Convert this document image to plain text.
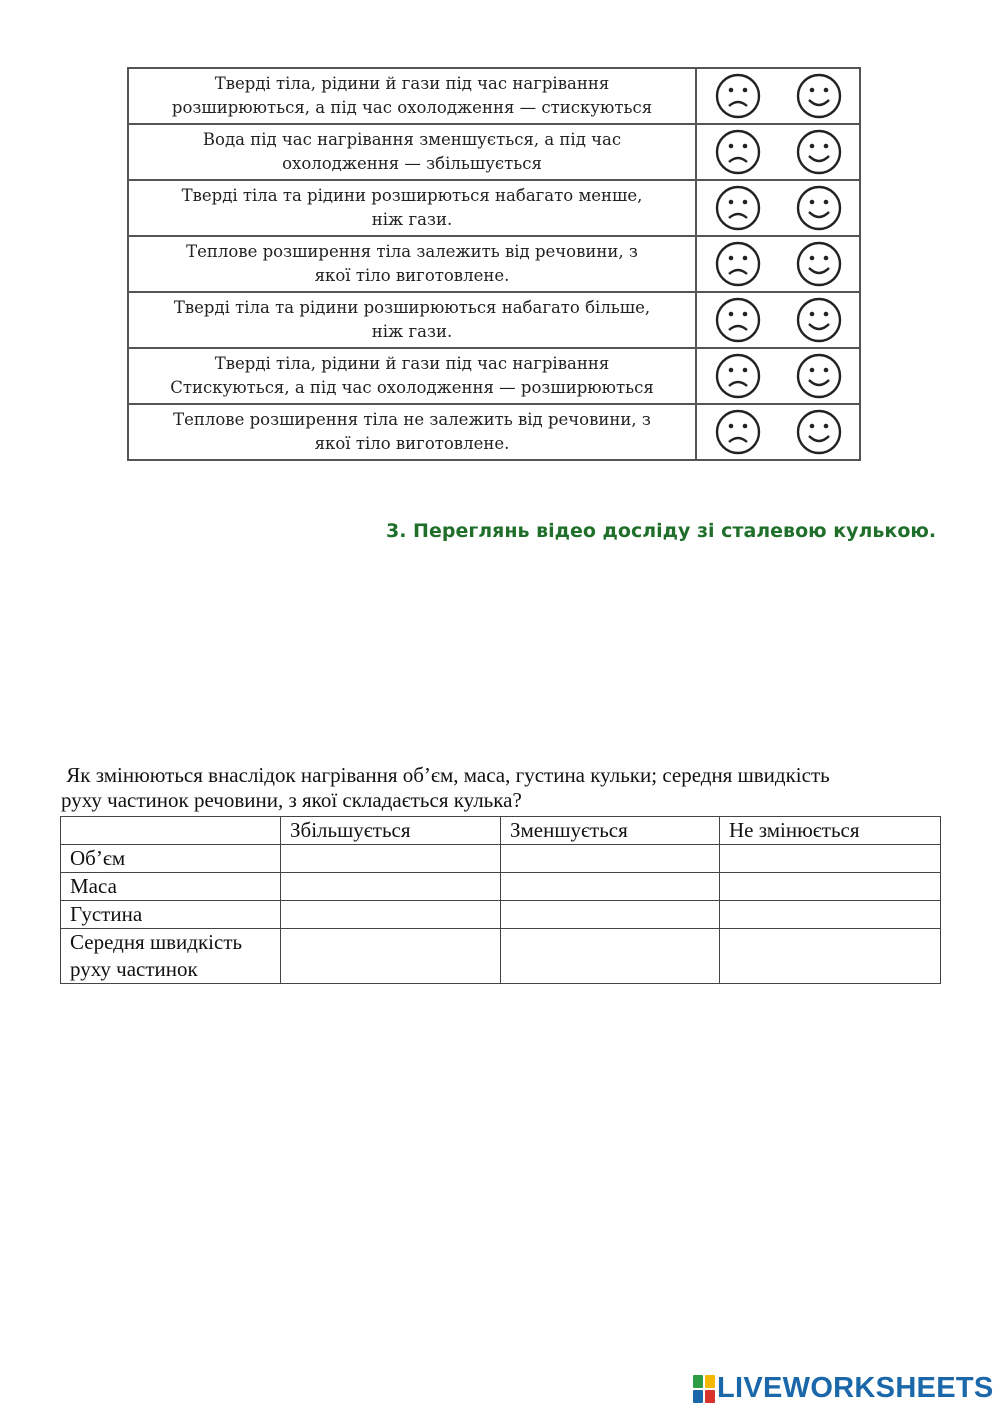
Тверді тіла, рідини й гази під час нагрівання
розширюються, а під час охолодження — стискуються

Вода під час нагрівання зменшується, а під час
охолодження — збільшується

Тверді тіла та рідини розширються набагато менше,
ніж гази.

Теплове розширення тіла залежить від речовини, з
якої тіло виготовлене.

Тверді тіла та рідини розширюються набагато більше,
ніж гази.

Тверді тіла, рідини й гази під час нагрівання
Стискуються, а під час охолодження — розширюються

Теплове розширення тіла не залежить від речовини, з
якої тіло виготовлене.

3. Переглянь відео досліду зі сталевою кулькою.
Як змінюються внаслідок нагрівання об’єм, маса, густина кульки; середня швидкість
руху частинок речовини, з якої складається кулька?
	Збільшується	Зменшується	Не змінюється
Об’єм			
Маса			
Густина			

Середня швидкість
руху частинок			

LIVEWORKSHEETS
